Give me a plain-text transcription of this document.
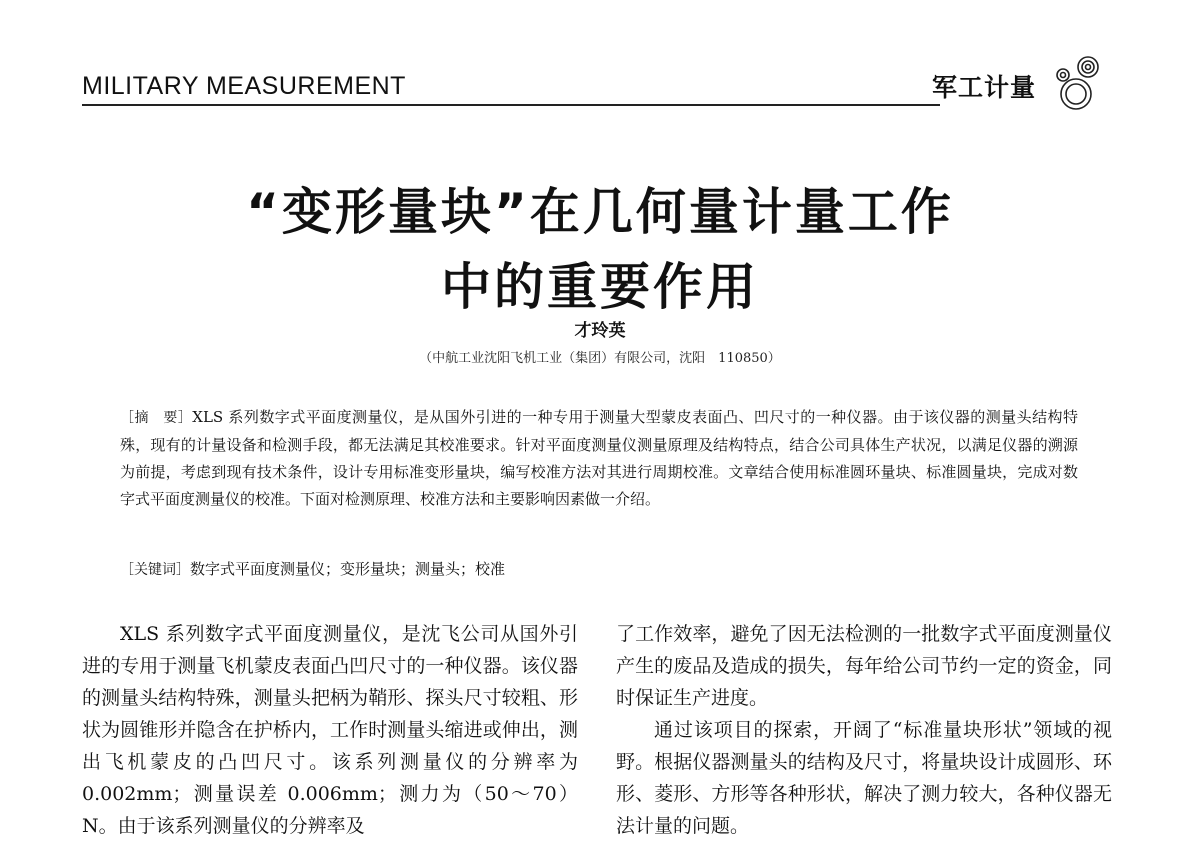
MILITARY MEASUREMENT	军工计量
“变形量块”在几何量计量工作
中的重要作用
才玲英
（中航工业沈阳飞机工业（集团）有限公司，沈阳　110850）
［摘　要］XLS 系列数字式平面度测量仪，是从国外引进的一种专用于测量大型蒙皮表面凸、凹尺寸的一种仪器。由于该仪器的测量头结构特殊，现有的计量设备和检测手段，都无法满足其校准要求。针对平面度测量仪测量原理及结构特点，结合公司具体生产状况，以满足仪器的溯源为前提，考虑到现有技术条件，设计专用标准变形量块，编写校准方法对其进行周期校准。文章结合使用标准圆环量块、标准圆量块，完成对数字式平面度测量仪的校准。下面对检测原理、校准方法和主要影响因素做一介绍。
［关键词］数字式平面度测量仪；变形量块；测量头；校准

XLS 系列数字式平面度测量仪，是沈飞公司从国外引进的专用于测量飞机蒙皮表面凸凹尺寸的一种仪器。该仪器的测量头结构特殊，测量头把柄为鞘形、探头尺寸较粗、形状为圆锥形并隐含在护桥内，工作时测量头缩进或伸出，测出飞机蒙皮的凸凹尺寸。该系列测量仪的分辨率为 0.002mm；测量误差 0.006mm；测力为（50～70） N。由于该系列测量仪的分辨率及

了工作效率，避免了因无法检测的一批数字式平面度测量仪产生的废品及造成的损失，每年给公司节约一定的资金，同时保证生产进度。

通过该项目的探索，开阔了“标准量块形状”领域的视野。根据仪器测量头的结构及尺寸，将量块设计成圆形、环形、菱形、方形等各种形状，解决了测力较大，各种仪器无法计量的问题。
